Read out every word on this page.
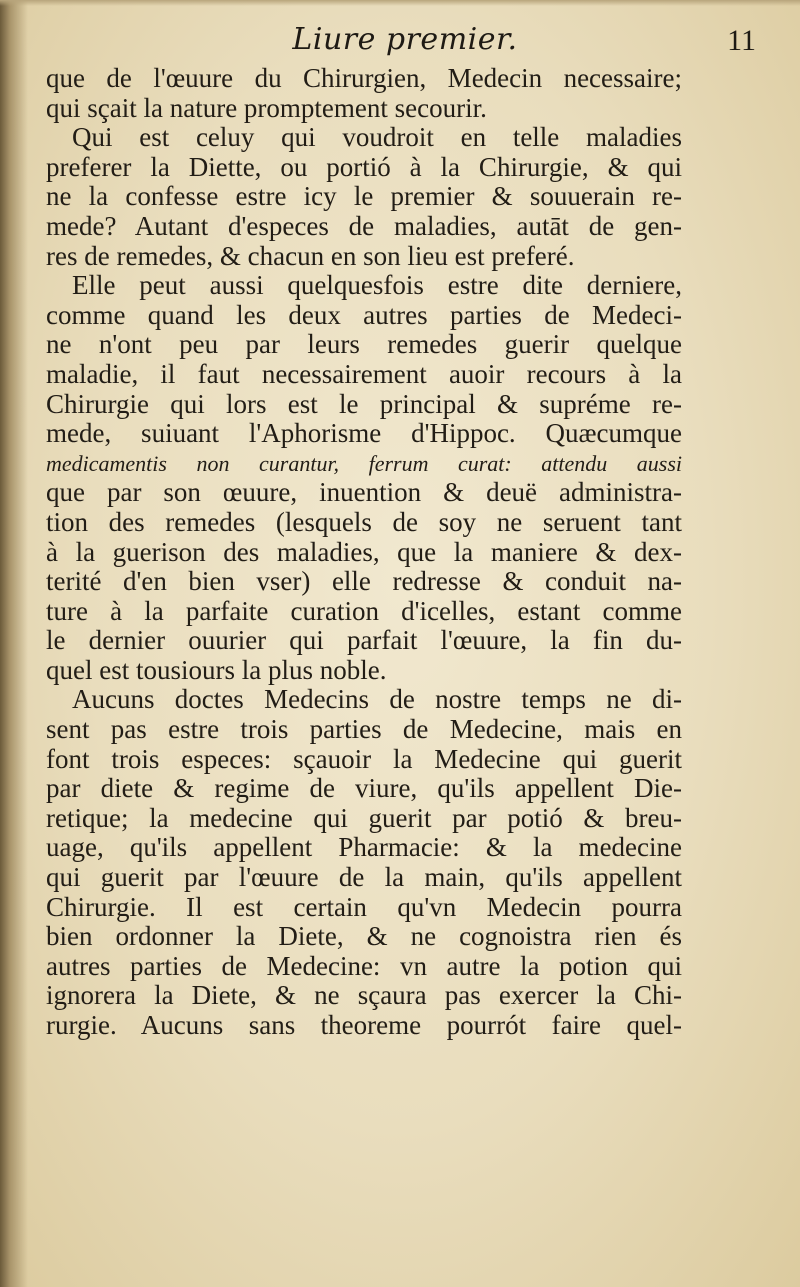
Liure premier.	11
que de l'œuure du Chirurgien, Medecin necessaire;
qui sçait la nature promptement secourir.
Qui est celuy qui voudroit en telle maladies
preferer la Diette, ou portió à la Chirurgie, & qui
ne la confesse estre icy le premier & souuerain re-
mede? Autant d'especes de maladies, autāt de gen-
res de remedes, & chacun en son lieu est preferé.
Elle peut aussi quelquesfois estre dite derniere,
comme quand les deux autres parties de Medeci-
ne n'ont peu par leurs remedes guerir quelque
maladie, il faut necessairement auoir recours à la
Chirurgie qui lors est le principal & supréme re-
mede, suiuant l'Aphorisme d'Hippoc. Quæcumque
medicamentis non curantur, ferrum curat: attendu aussi
que par son œuure, inuention & deuë administra-
tion des remedes (lesquels de soy ne seruent tant
à la guerison des maladies, que la maniere & dex-
terité d'en bien vser) elle redresse & conduit na-
ture à la parfaite curation d'icelles, estant comme
le dernier ouurier qui parfait l'œuure, la fin du-
quel est tousiours la plus noble.
Aucuns doctes Medecins de nostre temps ne di-
sent pas estre trois parties de Medecine, mais en
font trois especes: sçauoir la Medecine qui guerit
par diete & regime de viure, qu'ils appellent Die-
retique; la medecine qui guerit par potió & breu-
uage, qu'ils appellent Pharmacie: & la medecine
qui guerit par l'œuure de la main, qu'ils appellent
Chirurgie. Il est certain qu'vn Medecin pourra
bien ordonner la Diete, & ne cognoistra rien és
autres parties de Medecine: vn autre la potion qui
ignorera la Diete, & ne sçaura pas exercer la Chi-
rurgie. Aucuns sans theoreme pourrót faire quel-
